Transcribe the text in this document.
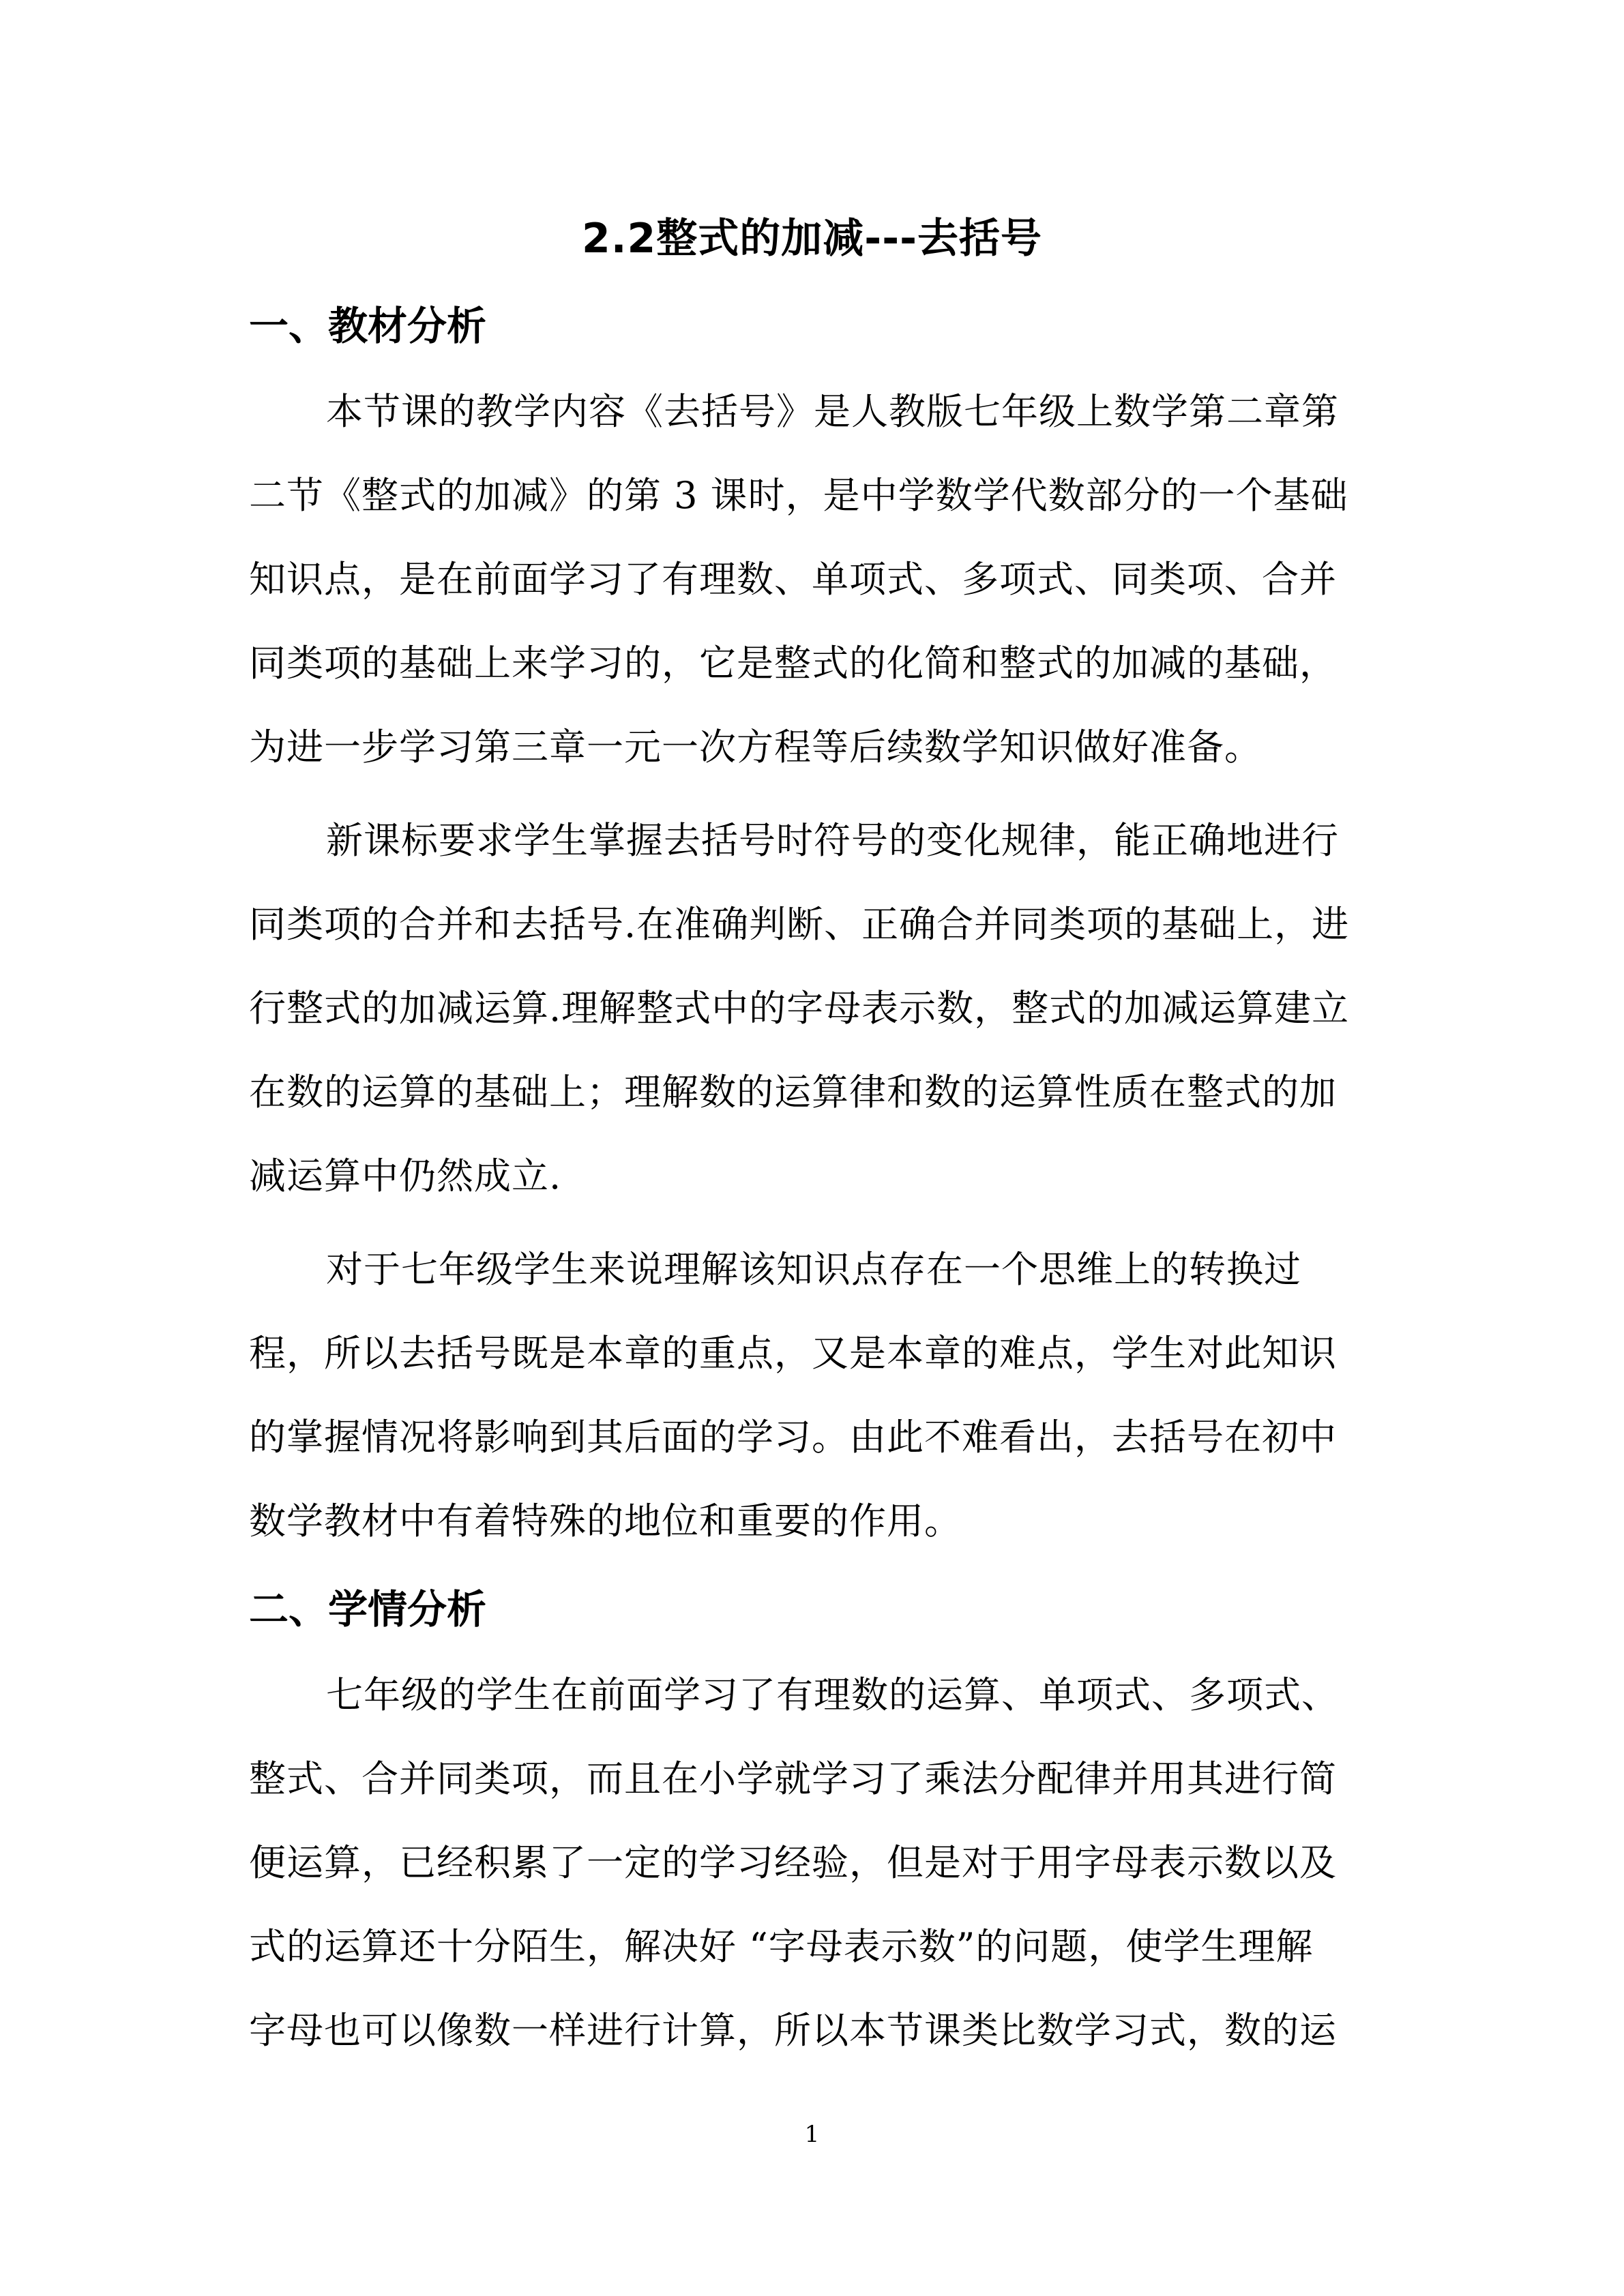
2.2整式的加减---去括号
一、教材分析
本节课的教学内容《去括号》是人教版七年级上数学第二章第
二节《整式的加减》的第 3 课时，是中学数学代数部分的一个基础
知识点，是在前面学习了有理数、单项式、多项式、同类项、合并
同类项的基础上来学习的，它是整式的化简和整式的加减的基础，
为进一步学习第三章一元一次方程等后续数学知识做好准备。
新课标要求学生掌握去括号时符号的变化规律，能正确地进行
同类项的合并和去括号.在准确判断、正确合并同类项的基础上，进
行整式的加减运算.理解整式中的字母表示数，整式的加减运算建立
在数的运算的基础上；理解数的运算律和数的运算性质在整式的加
减运算中仍然成立.
对于七年级学生来说理解该知识点存在一个思维上的转换过
程，所以去括号既是本章的重点，又是本章的难点，学生对此知识
的掌握情况将影响到其后面的学习。由此不难看出，去括号在初中
数学教材中有着特殊的地位和重要的作用。
二、学情分析
七年级的学生在前面学习了有理数的运算、单项式、多项式、
整式、合并同类项，而且在小学就学习了乘法分配律并用其进行简
便运算，已经积累了一定的学习经验，但是对于用字母表示数以及
式的运算还十分陌生，解决好 “字母表示数”的问题，使学生理解
字母也可以像数一样进行计算，所以本节课类比数学习式，数的运
1
